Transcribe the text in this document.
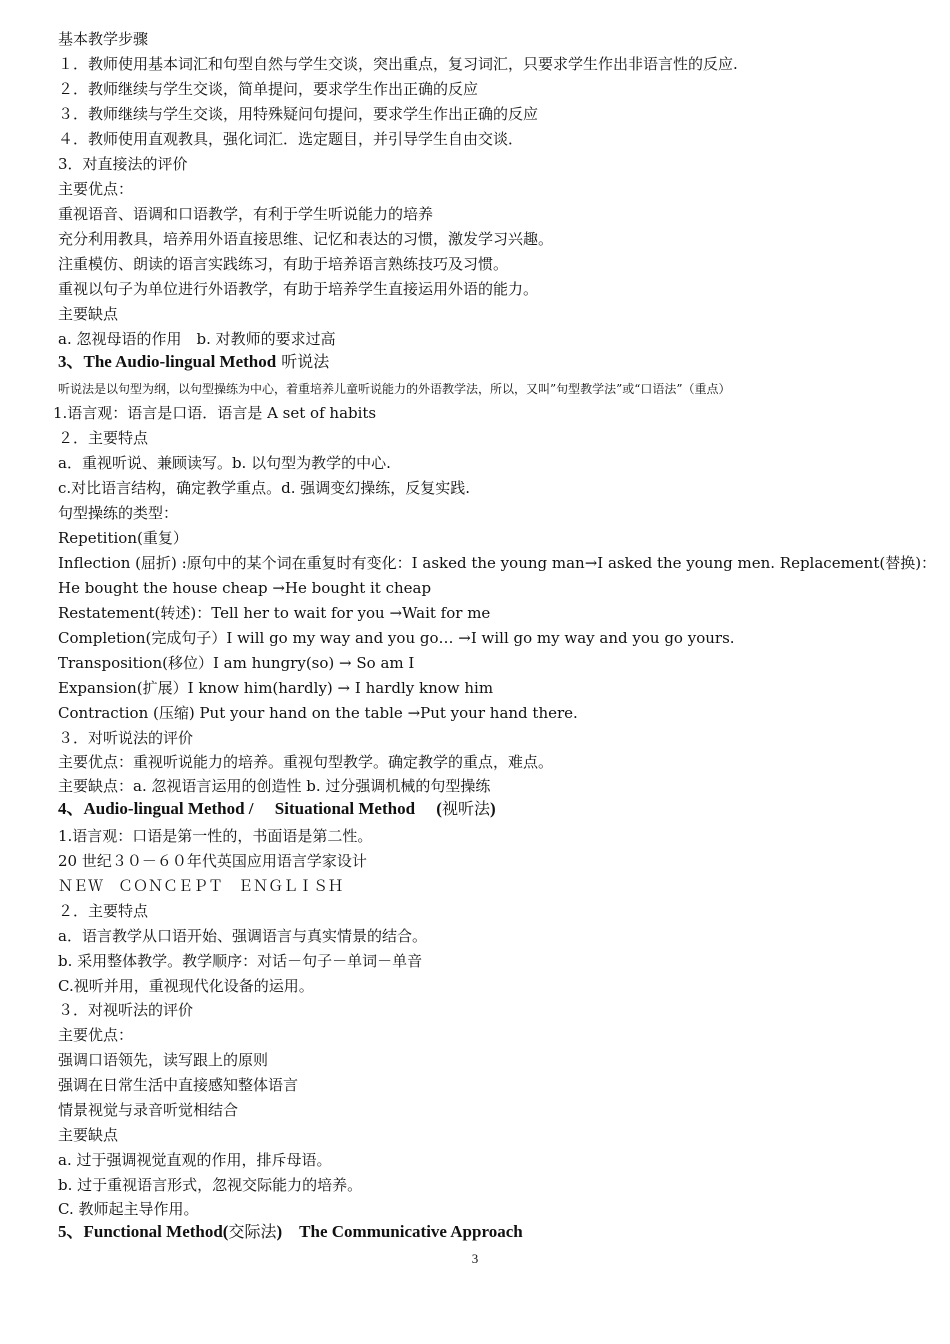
基本教学步骤
１．教师使用基本词汇和句型自然与学生交谈，突出重点，复习词汇，只要求学生作出非语言性的反应.
２．教师继续与学生交谈，简单提问，要求学生作出正确的反应
３．教师继续与学生交谈，用特殊疑问句提问，要求学生作出正确的反应
４．教师使用直观教具，强化词汇．选定题目，并引导学生自由交谈．
3．对直接法的评价
主要优点：
重视语音、语调和口语教学，有利于学生听说能力的培养
充分利用教具，培养用外语直接思维、记忆和表达的习惯，激发学习兴趣。
注重模仿、朗读的语言实践练习，有助于培养语言熟练技巧及习惯。
重视以句子为单位进行外语教学，有助于培养学生直接运用外语的能力。
主要缺点
a. 忽视母语的作用　b. 对教师的要求过高
3、The Audio-lingual Method 听说法
听说法是以句型为纲，以句型操练为中心，着重培养儿童听说能力的外语教学法，所以，又叫”句型教学法”或“口语法”（重点）
1.语言观：语言是口语．语言是 A set of habits
２．主要特点
a．重视听说、兼顾读写。b. 以句型为教学的中心.
c.对比语言结构，确定教学重点。d. 强调变幻操练，反复实践.
句型操练的类型：
Repetition(重复）
Inflection (屈折) :原句中的某个词在重复时有变化：I asked the young man→I asked the young men. Replacement(替换)：
He bought the house cheap →He bought it cheap
Restatement(转述)：Tell her to wait for you →Wait for me
Completion(完成句子）I will go my way and you go… →I will go my way and you go yours.
Transposition(移位）I am hungry(so) → So am I
Expansion(扩展）I know him(hardly) → I hardly know him
Contraction (压缩) Put your hand on the table →Put your hand there.
３．对听说法的评价
主要优点：重视听说能力的培养。重视句型教学。确定教学的重点，难点。
主要缺点：a. 忽视语言运用的创造性 b. 过分强调机械的句型操练
4、Audio-lingual Method /　 Situational Method　 (视听法)
1.语言观：口语是第一性的，书面语是第二性。
20 世纪３０－６０年代英国应用语言学家设计
ＮＥＷ　ＣＯＮＣＥＰＴ　ＥＮＧＬＩＳＨ
２．主要特点
a．语言教学从口语开始、强调语言与真实情景的结合。
b. 采用整体教学。教学顺序：对话－句子－单词－单音
C.视听并用，重视现代化设备的运用。
３．对视听法的评价
主要优点：
强调口语领先，读写跟上的原则
强调在日常生活中直接感知整体语言
情景视觉与录音听觉相结合
主要缺点
a. 过于强调视觉直观的作用，排斥母语。
b. 过于重视语言形式，忽视交际能力的培养。
C. 教师起主导作用。
5、Functional Method(交际法)　The Communicative Approach
3
